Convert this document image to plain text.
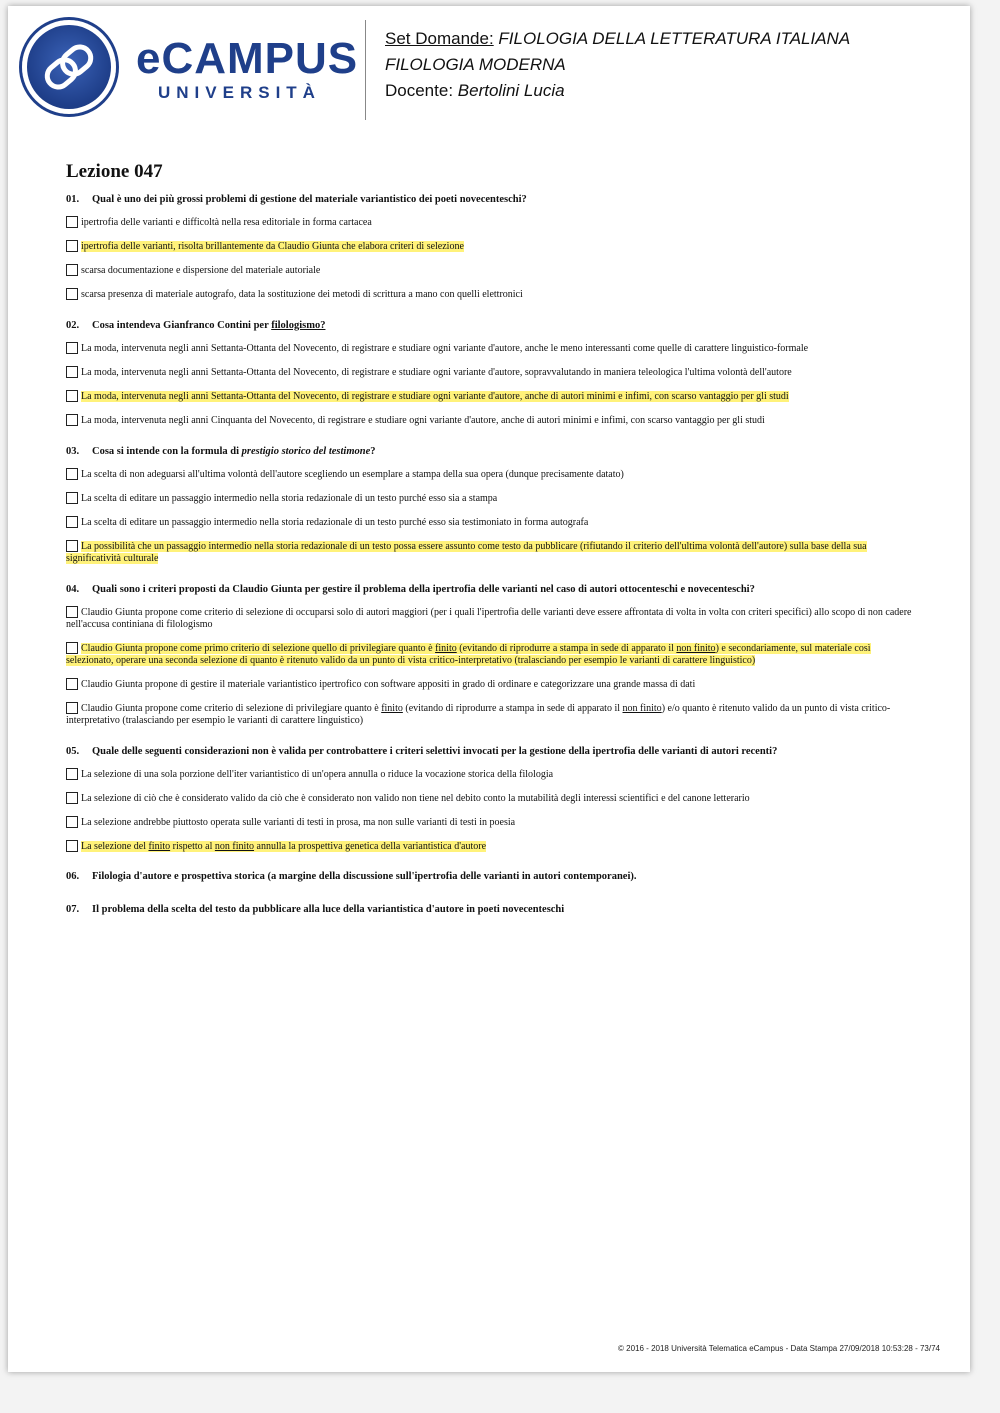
eCAMPUS
UNIVERSITÀ
Set Domande: FILOLOGIA DELLA LETTERATURA ITALIANA
FILOLOGIA MODERNA
Docente: Bertolini Lucia
Lezione 047
01. Qual è uno dei più grossi problemi di gestione del materiale variantistico dei poeti novecenteschi?
ipertrofia delle varianti e difficoltà nella resa editoriale in forma cartacea
ipertrofia delle varianti, risolta brillantemente da Claudio Giunta che elabora criteri di selezione
scarsa documentazione e dispersione del materiale autoriale
scarsa presenza di materiale autografo, data la sostituzione dei metodi di scrittura a mano con quelli elettronici
02. Cosa intendeva Gianfranco Contini per filologismo?
La moda, intervenuta negli anni Settanta-Ottanta del Novecento, di registrare e studiare ogni variante d'autore, anche le meno interessanti come quelle di carattere linguistico-formale
La moda, intervenuta negli anni Settanta-Ottanta del Novecento, di registrare e studiare ogni variante d'autore, sopravvalutando in maniera teleologica l'ultima volontà dell'autore
La moda, intervenuta negli anni Settanta-Ottanta del Novecento, di registrare e studiare ogni variante d'autore, anche di autori minimi e infimi, con scarso vantaggio per gli studi
La moda, intervenuta negli anni Cinquanta del Novecento, di registrare e studiare ogni variante d'autore, anche di autori minimi e infimi, con scarso vantaggio per gli studi
03. Cosa si intende con la formula di prestigio storico del testimone?
La scelta di non adeguarsi all'ultima volontà dell'autore scegliendo un esemplare a stampa della sua opera (dunque precisamente datato)
La scelta di editare un passaggio intermedio nella storia redazionale di un testo purché esso sia a stampa
La scelta di editare un passaggio intermedio nella storia redazionale di un testo purché esso sia testimoniato in forma autografa
La possibilità che un passaggio intermedio nella storia redazionale di un testo possa essere assunto come testo da pubblicare (rifiutando il criterio dell'ultima volontà dell'autore) sulla base della sua significatività culturale
04. Quali sono i criteri proposti da Claudio Giunta per gestire il problema della ipertrofia delle varianti nel caso di autori ottocenteschi e novecenteschi?
Claudio Giunta propone come criterio di selezione di occuparsi solo di autori maggiori (per i quali l'ipertrofia delle varianti deve essere affrontata di volta in volta con criteri specifici) allo scopo di non cadere nell'accusa continiana di filologismo
Claudio Giunta propone come primo criterio di selezione quello di privilegiare quanto è finito (evitando di riprodurre a stampa in sede di apparato il non finito) e secondariamente, sul materiale così selezionato, operare una seconda selezione di quanto è ritenuto valido da un punto di vista critico-interpretativo (tralasciando per esempio le varianti di carattere linguistico)
Claudio Giunta propone di gestire il materiale variantistico ipertrofico con software appositi in grado di ordinare e categorizzare una grande massa di dati
Claudio Giunta propone come criterio di selezione di privilegiare quanto è finito (evitando di riprodurre a stampa in sede di apparato il non finito) e/o quanto è ritenuto valido da un punto di vista critico-interpretativo (tralasciando per esempio le varianti di carattere linguistico)
05. Quale delle seguenti considerazioni non è valida per controbattere i criteri selettivi invocati per la gestione della ipertrofia delle varianti di autori recenti?
La selezione di una sola porzione dell'iter variantistico di un'opera annulla o riduce la vocazione storica della filologia
La selezione di ciò che è considerato valido da ciò che è considerato non valido non tiene nel debito conto la mutabilità degli interessi scientifici e del canone letterario
La selezione andrebbe piuttosto operata sulle varianti di testi in prosa, ma non sulle varianti di testi in poesia
La selezione del finito rispetto al non finito annulla la prospettiva genetica della variantistica d'autore
06. Filologia d'autore e prospettiva storica (a margine della discussione sull'ipertrofia delle varianti in autori contemporanei).
07. Il problema della scelta del testo da pubblicare alla luce della variantistica d'autore in poeti novecenteschi
© 2016 - 2018 Università Telematica eCampus - Data Stampa 27/09/2018 10:53:28 - 73/74
